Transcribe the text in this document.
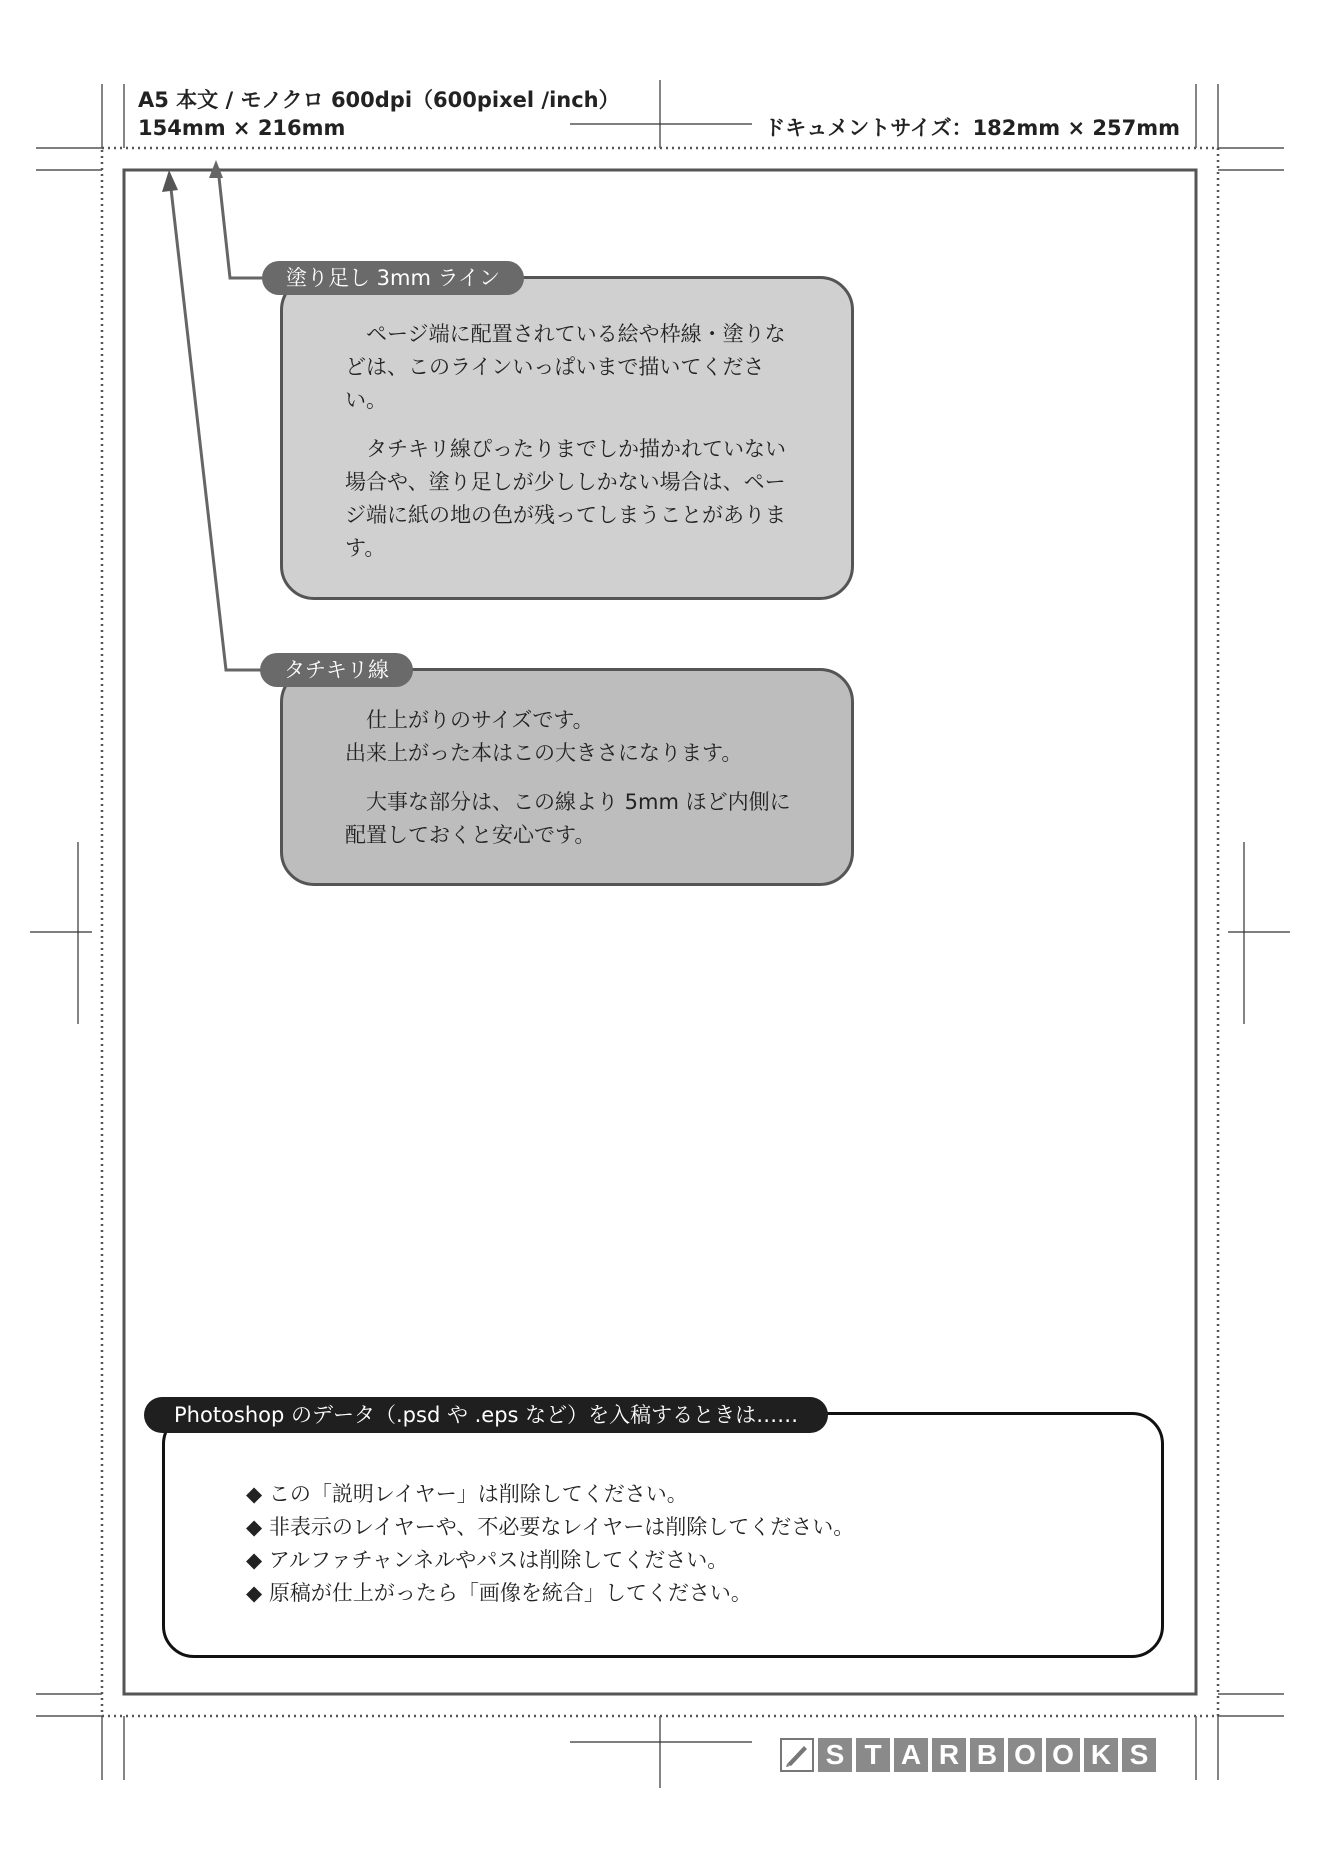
A5 本文 / モノクロ 600dpi（600pixel /inch）
154mm × 216mm	ドキュメントサイズ：182mm × 257mm
塗り足し 3mm ライン

ページ端に配置されている絵や枠線・塗りなどは、このラインいっぱいまで描いてください。

タチキリ線ぴったりまでしか描かれていない場合や、塗り足しが少ししかない場合は、ページ端に紙の地の色が残ってしまうことがあります。

タチキリ線

仕上がりのサイズです。
出来上がった本はこの大きさになります。

大事な部分は、この線より 5mm ほど内側に配置しておくと安心です。

Photoshop のデータ（.psd や .eps など）を入稿するときは……
◆ この「説明レイヤー」は削除してください。
◆ 非表示のレイヤーや、不必要なレイヤーは削除してください。
◆ アルファチャンネルやパスは削除してください。
◆ 原稿が仕上がったら「画像を統合」してください。
S T A R B O O K S
